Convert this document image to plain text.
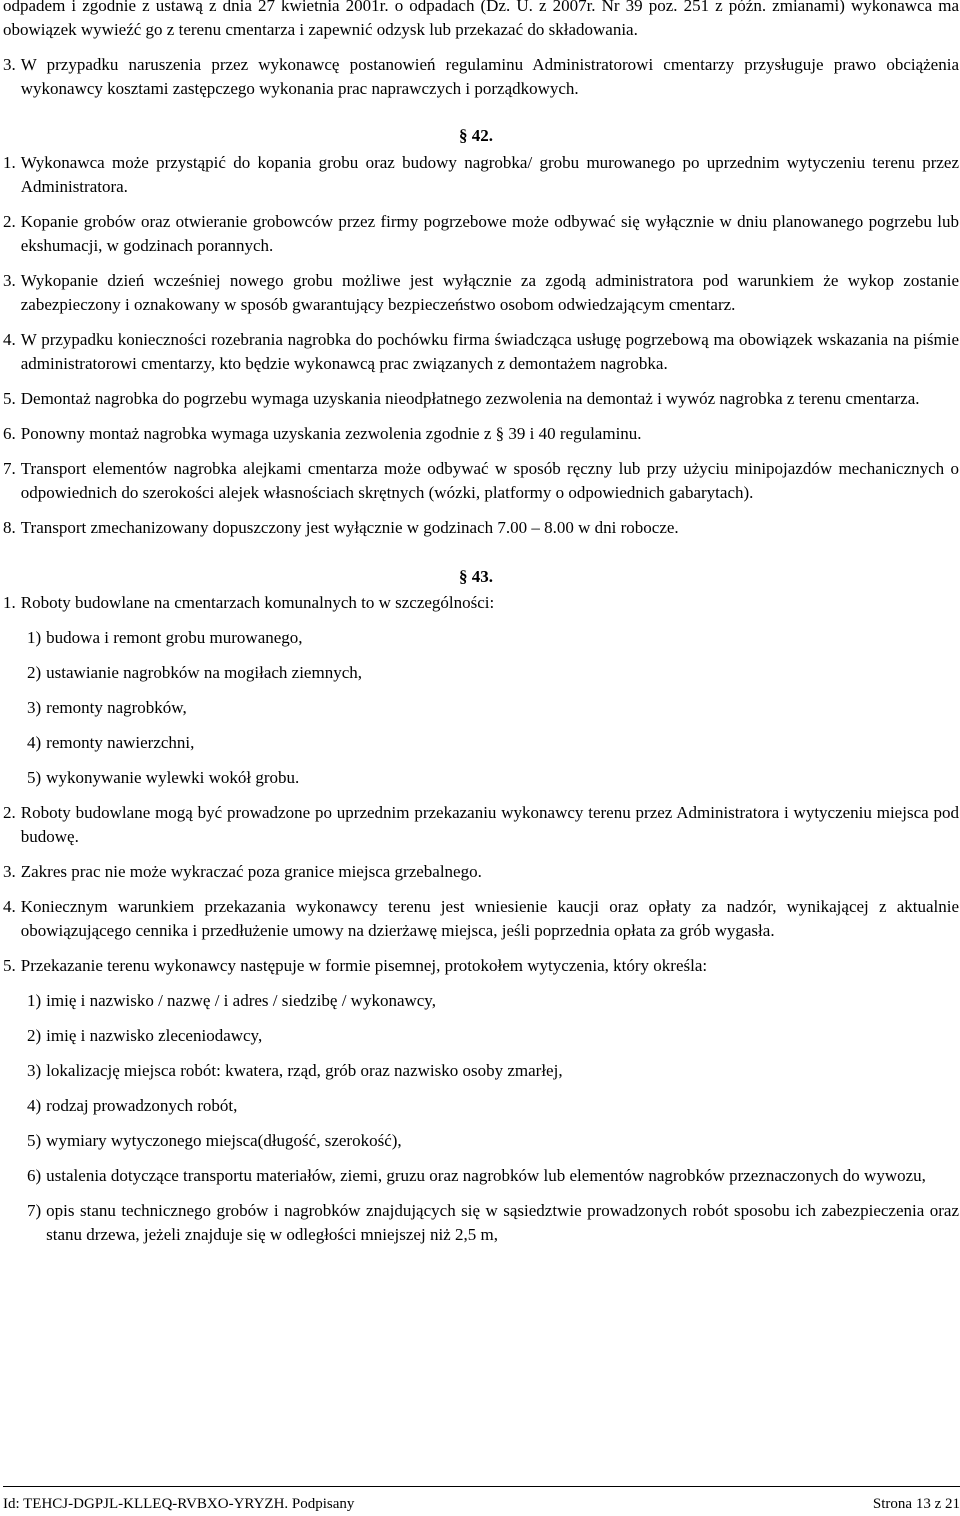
odpadem i zgodnie z ustawą z dnia 27 kwietnia 2001r. o odpadach (Dz. U. z 2007r. Nr 39 poz. 251 z późn. zmianami) wykonawca ma obowiązek wywieźć go z terenu cmentarza i zapewnić odzysk lub przekazać do składowania.
3. W przypadku naruszenia przez wykonawcę postanowień regulaminu Administratorowi cmentarzy przysługuje prawo obciążenia wykonawcy kosztami zastępczego wykonania prac naprawczych i porządkowych.
§ 42.
1. Wykonawca może przystąpić do kopania grobu oraz budowy nagrobka/ grobu murowanego po uprzednim wytyczeniu terenu przez Administratora.
2. Kopanie grobów oraz otwieranie grobowców przez firmy pogrzebowe może odbywać się wyłącznie w dniu planowanego pogrzebu lub ekshumacji, w godzinach porannych.
3. Wykopanie dzień wcześniej nowego grobu możliwe jest wyłącznie za zgodą administratora pod warunkiem że wykop zostanie zabezpieczony i oznakowany w sposób gwarantujący bezpieczeństwo osobom odwiedzającym cmentarz.
4. W przypadku konieczności rozebrania nagrobka do pochówku firma świadcząca usługę pogrzebową ma obowiązek wskazania na piśmie administratorowi cmentarzy, kto będzie wykonawcą prac związanych z demontażem nagrobka.
5. Demontaż nagrobka do pogrzebu wymaga uzyskania nieodpłatnego zezwolenia na demontaż i wywóz nagrobka z terenu cmentarza.
6. Ponowny montaż nagrobka wymaga uzyskania zezwolenia zgodnie z § 39 i 40 regulaminu.
7. Transport elementów nagrobka alejkami cmentarza może odbywać w sposób ręczny lub przy użyciu minipojazdów mechanicznych o odpowiednich do szerokości alejek własnościach skrętnych (wózki, platformy o odpowiednich gabarytach).
8. Transport zmechanizowany dopuszczony jest wyłącznie w godzinach 7.00 – 8.00 w dni robocze.
§ 43.
1. Roboty budowlane na cmentarzach komunalnych to w szczególności:
1) budowa i remont grobu murowanego,
2) ustawianie nagrobków na mogiłach ziemnych,
3) remonty nagrobków,
4) remonty nawierzchni,
5) wykonywanie wylewki wokół grobu.
2. Roboty budowlane mogą być prowadzone po uprzednim przekazaniu wykonawcy terenu przez Administratora i wytyczeniu miejsca pod budowę.
3. Zakres prac nie może wykraczać poza granice miejsca grzebalnego.
4. Koniecznym warunkiem przekazania wykonawcy terenu jest wniesienie kaucji oraz opłaty za nadzór, wynikającej z aktualnie obowiązującego cennika i przedłużenie umowy na dzierżawę miejsca, jeśli poprzednia opłata za grób wygasła.
5. Przekazanie terenu wykonawcy następuje w formie pisemnej, protokołem wytyczenia, który określa:
1) imię i nazwisko / nazwę / i adres / siedzibę / wykonawcy,
2) imię i nazwisko zleceniodawcy,
3) lokalizację miejsca robót: kwatera, rząd, grób oraz nazwisko osoby zmarłej,
4) rodzaj prowadzonych robót,
5) wymiary wytyczonego miejsca(długość, szerokość),
6) ustalenia dotyczące transportu materiałów, ziemi, gruzu oraz nagrobków lub elementów nagrobków przeznaczonych do wywozu,
7) opis stanu technicznego grobów i nagrobków znajdujących się w sąsiedztwie prowadzonych robót sposobu ich zabezpieczenia oraz stanu drzewa, jeżeli znajduje się w odległości mniejszej niż 2,5 m,
Id: TEHCJ-DGPJL-KLLEQ-RVBXO-YRYZH. Podpisany	Strona 13 z 21
